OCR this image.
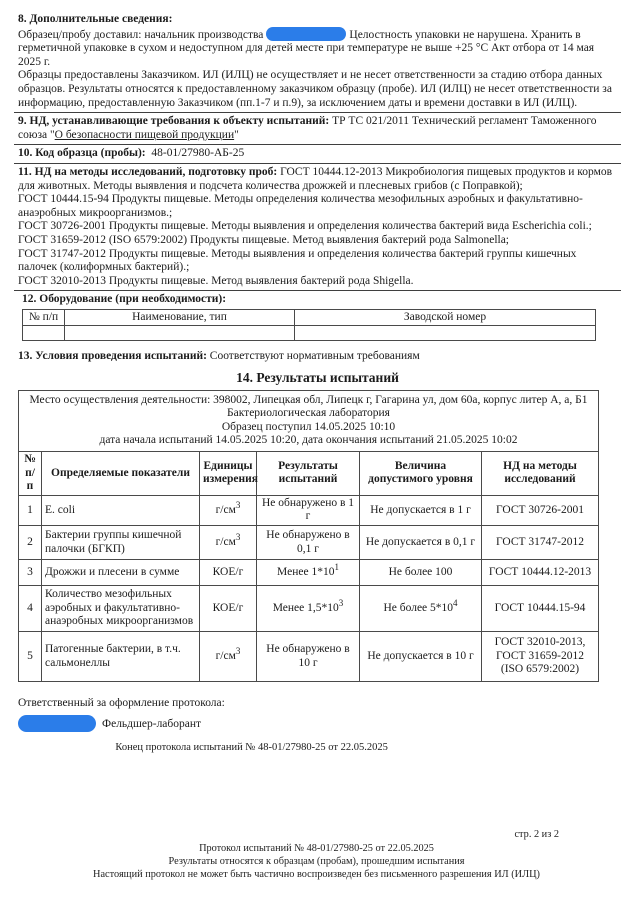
8. Дополнительные сведения:

Образец/пробу доставил: начальник производства	Целостность упаковки не нарушена. Хранить в герметичной упаковке в сухом и недоступном для детей месте при температуре не выше +25 °С Акт отбора от 14 мая 2025 г.

Образцы предоставлены Заказчиком. ИЛ (ИЛЦ) не осуществляет и не несет ответственности за стадию отбора данных образцов. Результаты относятся к предоставленному заказчиком образцу (пробе). ИЛ (ИЛЦ) не несет ответственности за информацию, предоставленную Заказчиком (пп.1-7 и п.9), за исключением даты и времени доставки в ИЛ (ИЛЦ).

9. НД, устанавливающие требования к объекту испытаний: ТР ТС 021/2011 Технический регламент Таможенного союза "О безопасности пищевой продукции"

10. Код образца (пробы): 48-01/27980-АБ-25

11. НД на методы исследований, подготовку проб: ГОСТ 10444.12-2013 Микробиология пищевых продуктов и кормов для животных. Методы выявления и подсчета количества дрожжей и плесневых грибов (с Поправкой);

ГОСТ 10444.15-94 Продукты пищевые. Методы определения количества мезофильных аэробных и факультативно-анаэробных микроорганизмов.;

ГОСТ 30726-2001 Продукты пищевые. Методы выявления и определения количества бактерий вида Escherichia coli.;

ГОСТ 31659-2012 (ISO 6579:2002) Продукты пищевые. Метод выявления бактерий рода Salmonella;

ГОСТ 31747-2012 Продукты пищевые. Методы выявления и определения количества бактерий группы кишечных палочек (колиформных бактерий).;

ГОСТ 32010-2013 Продукты пищевые. Метод выявления бактерий рода Shigella.

12. Оборудование (при необходимости):

№ п/п	Наименование, тип	Заводской номер

13. Условия проведения испытаний: Соответствуют нормативным требованиям

14. Результаты испытаний
Место осуществления деятельности: 398002, Липецкая обл, Липецк г, Гагарина ул, дом 60а, корпус литер А, а, Б1
Бактериологическая лаборатория
Образец поступил 14.05.2025 10:10
дата начала испытаний 14.05.2025 10:20, дата окончания испытаний 21.05.2025 10:02					

№ п/п	Определяемые показатели	Единицы измерения	Результаты испытаний	Величина допустимого уровня	НД на методы исследований
1	E. coli	$г/см^3$	Не обнаружено в 1 г	Не допускается в 1 г	ГОСТ 30726-2001
2	Бактерии группы кишечной палочки (БГКП)	$г/см^3$	Не обнаружено в 0,1 г	Не допускается в 0,1 г	ГОСТ 31747-2012
3	Дрожжи и плесени в сумме	КОЕ/г	Менее $1*10^1$	Не более 100	ГОСТ 10444.12-2013
4	Количество мезофильных аэробных и факультативно-анаэробных микроорганизмов	КОЕ/г	Менее $1,5*10^3$	Не более $5*10^4$	ГОСТ 10444.15-94
5	Патогенные бактерии, в т.ч. сальмонеллы	$г/см^3$	Не обнаружено в 10 г	Не допускается в 10 г	ГОСТ 32010-2013, ГОСТ 31659-2012 (ISO 6579:2002)
Ответственный за оформление протокола:
Фельдшер-лаборант
Конец протокола испытаний № 48-01/27980-25 от 22.05.2025
стр. 2 из 2
Протокол испытаний № 48-01/27980-25 от 22.05.2025
Результаты относятся к образцам (пробам), прошедшим испытания
Настоящий протокол не может быть частично воспроизведен без письменного разрешения ИЛ (ИЛЦ)
